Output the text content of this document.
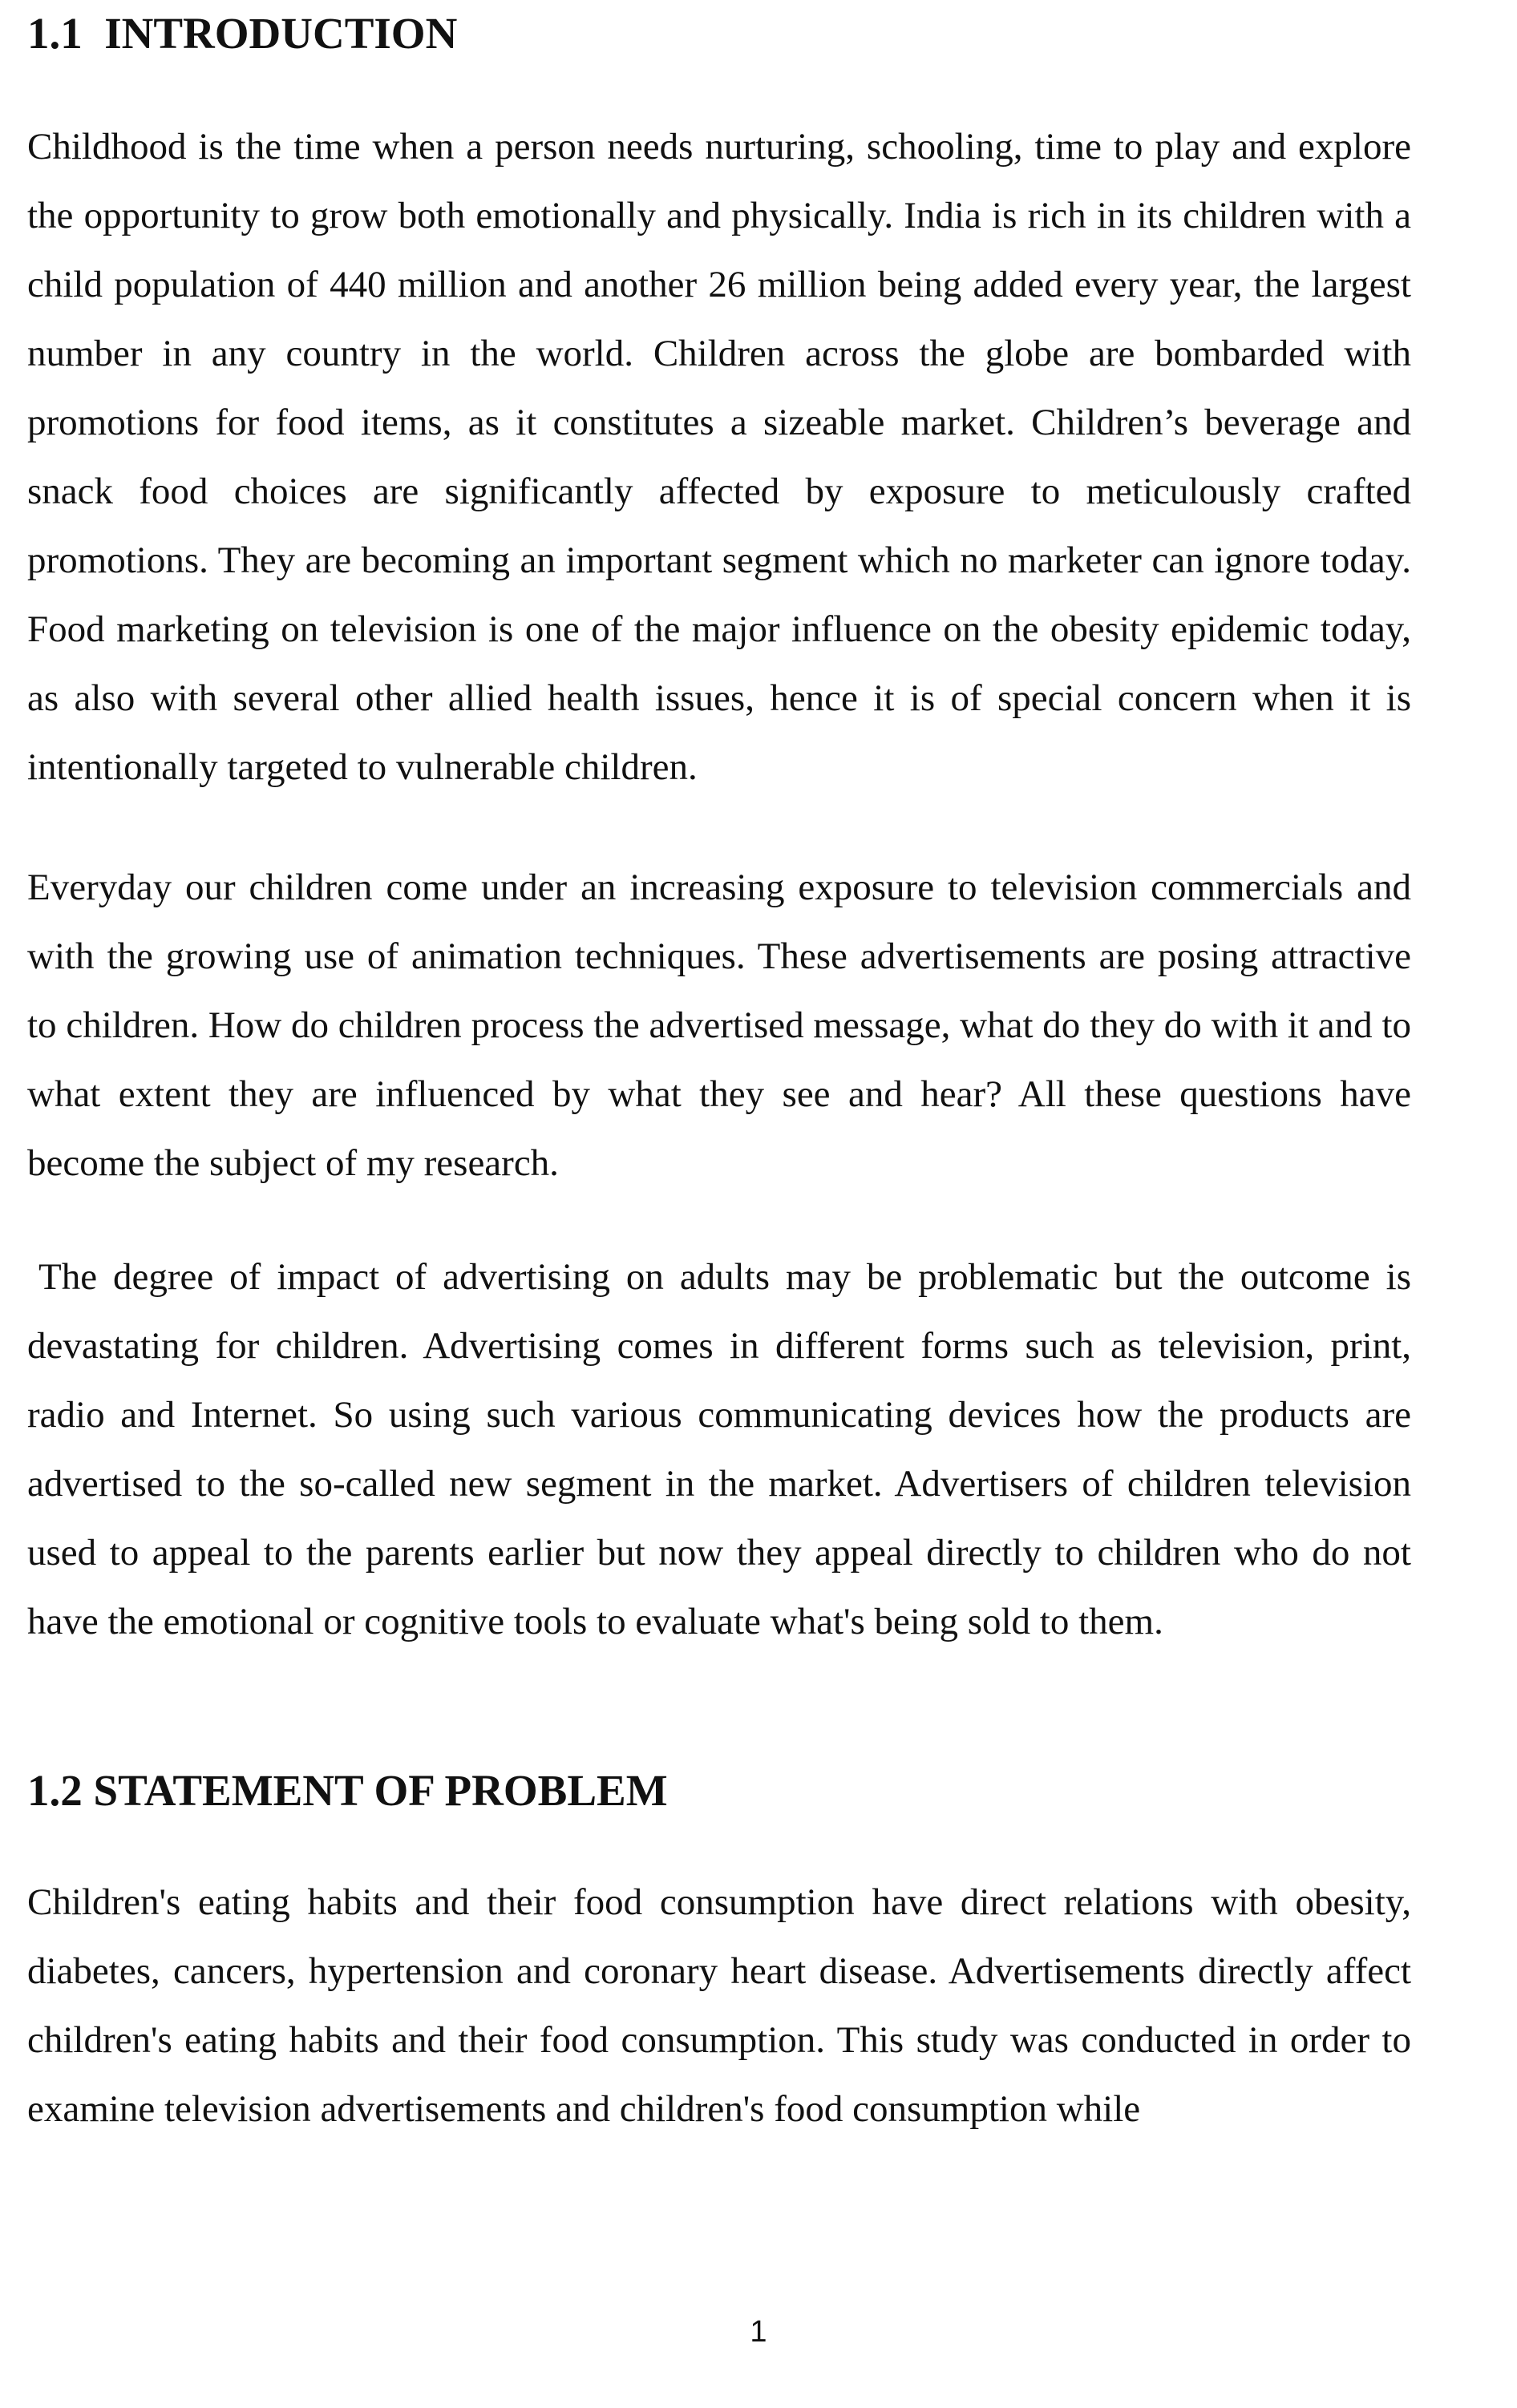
1.1  INTRODUCTION

Childhood is the time when a person needs nurturing, schooling, time to play and explore the opportunity to grow both emotionally and physically. India is rich in its children with a child population of 440 million and another 26 million being added every year, the largest number in any country in the world. Children across the globe are bombarded with promotions for food items, as it constitutes a sizeable market. Children’s beverage and snack food choices are significantly affected by exposure to meticulously crafted promotions. They are becoming an important segment which no marketer can ignore today. Food marketing on television is one of the major influence on the obesity epidemic today, as also with several other allied health issues, hence it is of special concern when it is intentionally targeted to vulnerable children.

Everyday our children come under an increasing exposure to television commercials and with the growing use of animation techniques. These advertisements are posing attractive to children. How do children process the advertised message, what do they do with it and to what extent they are influenced by what they see and hear? All these questions have become the subject of my research.

The degree of impact of advertising on adults may be problematic but the outcome is devastating for children. Advertising comes in different forms such as television, print, radio and Internet. So using such various communicating devices how the products are advertised to the so-called new segment in the market. Advertisers of children television used to appeal to the parents earlier but now they appeal directly to children who do not have the emotional or cognitive tools to evaluate what's being sold to them.

1.2 STATEMENT OF PROBLEM

Children's eating habits and their food consumption have direct relations with obesity, diabetes, cancers, hypertension and coronary heart disease. Advertisements directly affect children's eating habits and their food consumption. This study was conducted in order to examine television advertisements and children's food consumption while

1
